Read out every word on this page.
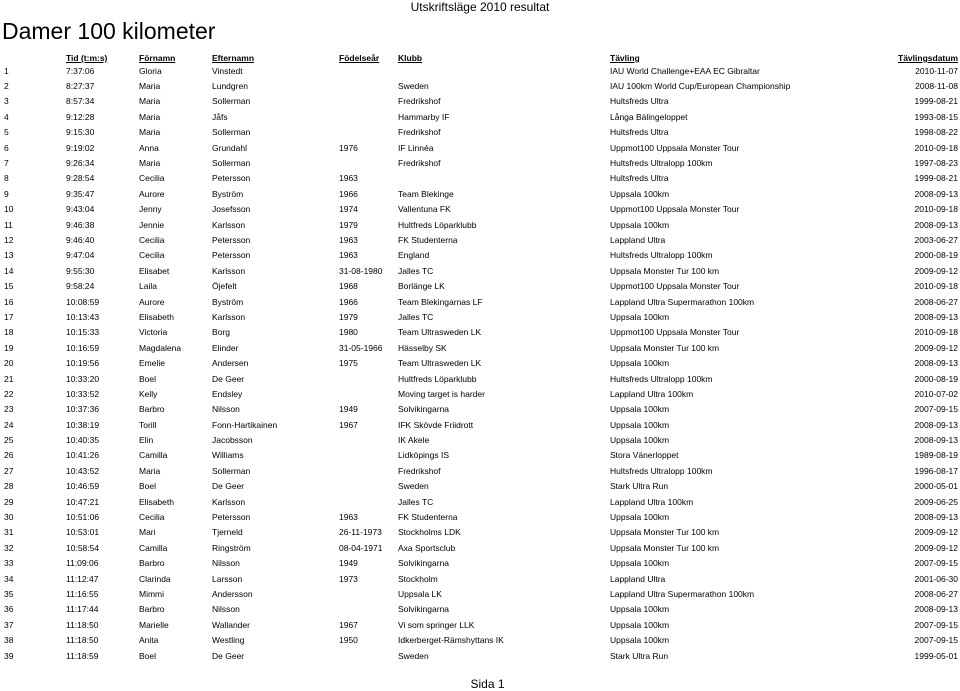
Utskriftsläge 2010 resultat
Damer 100 kilometer
	Tid (t:m:s)	Förnamn	Efternamn	Födelseår	Klubb	Tävling	Tävlingsdatum
1	7:37:06	Gloria	Vinstedt			IAU World Challenge+EAA EC Gibraltar	2010-11-07
2	8:27:37	Maria	Lundgren		Sweden	IAU 100km World Cup/European Championship	2008-11-08
3	8:57:34	Maria	Sollerman		Fredrikshof	Hultsfreds Ultra	1999-08-21
4	9:12:28	Maria	Jåfs		Hammarby IF	Långa Bälingeloppet	1993-08-15
5	9:15:30	Maria	Sollerman		Fredrikshof	Hultsfreds Ultra	1998-08-22
6	9:19:02	Anna	Grundahl	1976	IF Linnéa	Uppmot100 Uppsala Monster Tour	2010-09-18
7	9:26:34	Maria	Sollerman		Fredrikshof	Hultsfreds Ultralopp 100km	1997-08-23
8	9:28:54	Cecilia	Petersson	1963		Hultsfreds Ultra	1999-08-21
9	9:35:47	Aurore	Byström	1966	Team Blekinge	Uppsala 100km	2008-09-13
10	9:43:04	Jenny	Josefsson	1974	Vallentuna FK	Uppmot100 Uppsala Monster Tour	2010-09-18
11	9:46:38	Jennie	Karlsson	1979	Hultfreds Löparklubb	Uppsala 100km	2008-09-13
12	9:46:40	Cecilia	Petersson	1963	FK Studenterna	Lappland Ultra	2003-06-27
13	9:47:04	Cecilia	Petersson	1963	England	Hultsfreds Ultralopp 100km	2000-08-19
14	9:55:30	Elisabet	Karlsson	31-08-1980	Jalles TC	Uppsala Monster Tur 100 km	2009-09-12
15	9:58:24	Laila	Öjefelt	1968	Borlänge LK	Uppmot100 Uppsala Monster Tour	2010-09-18
16	10:08:59	Aurore	Byström	1966	Team Blekingarnas LF	Lappland Ultra Supermarathon 100km	2008-06-27
17	10:13:43	Elisabeth	Karlsson	1979	Jalles TC	Uppsala 100km	2008-09-13
18	10:15:33	Victoria	Borg	1980	Team Ultrasweden LK	Uppmot100 Uppsala Monster Tour	2010-09-18
19	10:16:59	Magdalena	Elinder	31-05-1966	Hässelby SK	Uppsala Monster Tur 100 km	2009-09-12
20	10:19:56	Emelie	Andersen	1975	Team Ultrasweden LK	Uppsala 100km	2008-09-13
21	10:33:20	Boel	De Geer		Hultfreds Löparklubb	Hultsfreds Ultralopp 100km	2000-08-19
22	10:33:52	Kelly	Endsley		Moving target is harder	Lappland Ultra 100km	2010-07-02
23	10:37:36	Barbro	Nilsson	1949	Solvikingarna	Uppsala 100km	2007-09-15
24	10:38:19	Torill	Fonn-Hartikainen	1967	IFK Skövde Friidrott	Uppsala 100km	2008-09-13
25	10:40:35	Elin	Jacobsson		IK Akele	Uppsala 100km	2008-09-13
26	10:41:26	Camilla	Williams		Lidköpings IS	Stora Vänerloppet	1989-08-19
27	10:43:52	Maria	Sollerman		Fredrikshof	Hultsfreds Ultralopp 100km	1996-08-17
28	10:46:59	Boel	De Geer		Sweden	Stark Ultra Run	2000-05-01
29	10:47:21	Elisabeth	Karlsson		Jalles TC	Lappland Ultra 100km	2009-06-25
30	10:51:06	Cecilia	Petersson	1963	FK Studenterna	Uppsala 100km	2008-09-13
31	10:53:01	Mari	Tjerneld	26-11-1973	Stockholms LDK	Uppsala Monster Tur 100 km	2009-09-12
32	10:58:54	Camilla	Ringström	08-04-1971	Axa Sportsclub	Uppsala Monster Tur 100 km	2009-09-12
33	11:09:06	Barbro	Nilsson	1949	Solvikingarna	Uppsala 100km	2007-09-15
34	11:12:47	Clarinda	Larsson	1973	Stockholm	Lappland Ultra	2001-06-30
35	11:16:55	Mimmi	Andersson		Uppsala LK	Lappland Ultra Supermarathon 100km	2008-06-27
36	11:17:44	Barbro	Nilsson		Solvikingarna	Uppsala 100km	2008-09-13
37	11:18:50	Marielle	Wallander	1967	Vi som springer LLK	Uppsala 100km	2007-09-15
38	11:18:50	Anita	Westling	1950	Idkerberget-Rämshyttans IK	Uppsala 100km	2007-09-15
39	11:18:59	Boel	De Geer		Sweden	Stark Ultra Run	1999-05-01
Sida 1
